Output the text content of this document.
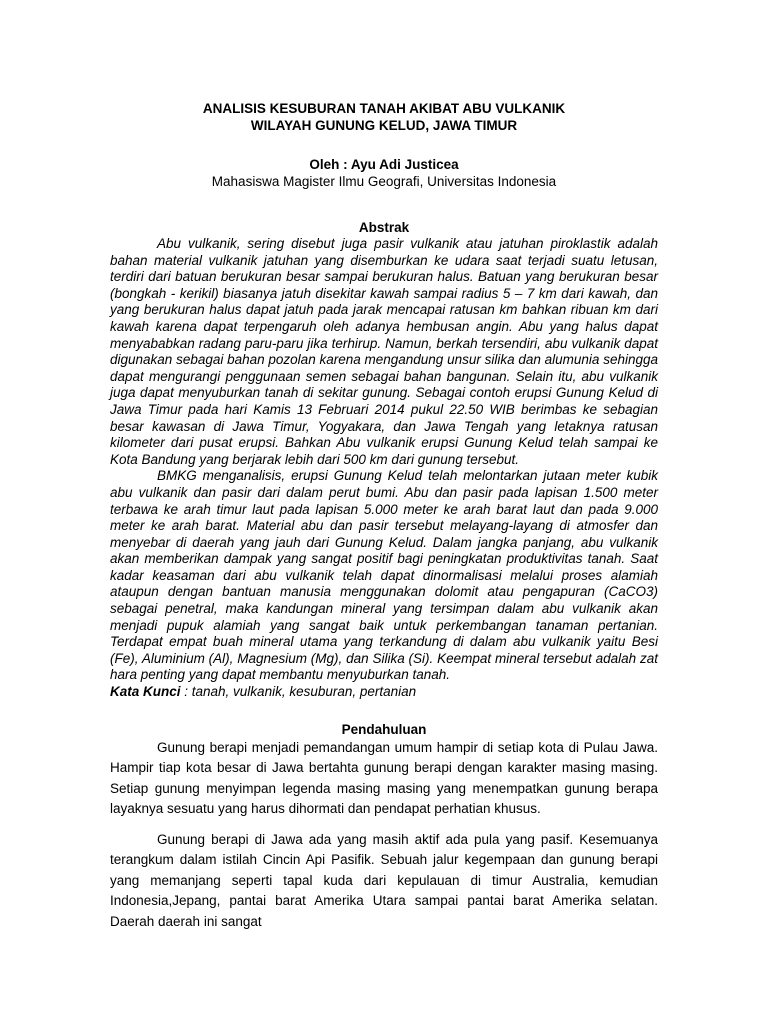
ANALISIS KESUBURAN TANAH AKIBAT ABU VULKANIK
WILAYAH GUNUNG KELUD, JAWA TIMUR
Oleh : Ayu Adi Justicea
Mahasiswa Magister Ilmu Geografi, Universitas Indonesia
Abstrak

Abu vulkanik, sering disebut juga pasir vulkanik atau jatuhan piroklastik adalah bahan material vulkanik jatuhan yang disemburkan ke udara saat terjadi suatu letusan, terdiri dari batuan berukuran besar sampai berukuran halus. Batuan yang berukuran besar (bongkah - kerikil) biasanya jatuh disekitar kawah sampai radius 5 – 7 km dari kawah, dan yang berukuran halus dapat jatuh pada jarak mencapai ratusan km bahkan ribuan km dari kawah karena dapat terpengaruh oleh adanya hembusan angin. Abu yang halus dapat menyababkan radang paru-paru jika terhirup. Namun, berkah tersendiri, abu vulkanik dapat digunakan sebagai bahan pozolan karena mengandung unsur silika dan alumunia sehingga dapat mengurangi penggunaan semen sebagai bahan bangunan. Selain itu, abu vulkanik juga dapat menyuburkan tanah di sekitar gunung. Sebagai contoh erupsi Gunung Kelud di Jawa Timur pada hari Kamis 13 Februari 2014 pukul 22.50 WIB berimbas ke sebagian besar kawasan di Jawa Timur, Yogyakara, dan Jawa Tengah yang letaknya ratusan kilometer dari pusat erupsi. Bahkan Abu vulkanik erupsi Gunung Kelud telah sampai ke Kota Bandung yang berjarak lebih dari 500 km dari gunung tersebut.

BMKG menganalisis, erupsi Gunung Kelud telah melontarkan jutaan meter kubik abu vulkanik dan pasir dari dalam perut bumi. Abu dan pasir pada lapisan 1.500 meter terbawa ke arah timur laut pada lapisan 5.000 meter ke arah barat laut dan pada 9.000 meter ke arah barat. Material abu dan pasir tersebut melayang-layang di atmosfer dan menyebar di daerah yang jauh dari Gunung Kelud. Dalam jangka panjang, abu vulkanik akan memberikan dampak yang sangat positif bagi peningkatan produktivitas tanah. Saat kadar keasaman dari abu vulkanik telah dapat dinormalisasi melalui proses alamiah ataupun dengan bantuan manusia menggunakan dolomit atau pengapuran (CaCO3) sebagai penetral, maka kandungan mineral yang tersimpan dalam abu vulkanik akan menjadi pupuk alamiah yang sangat baik untuk perkembangan tanaman pertanian. Terdapat empat buah mineral utama yang terkandung di dalam abu vulkanik yaitu Besi (Fe), Aluminium (Al), Magnesium (Mg), dan Silika (Si). Keempat mineral tersebut adalah zat hara penting yang dapat membantu menyuburkan tanah.

Kata Kunci : tanah, vulkanik, kesuburan, pertanian
Pendahuluan

Gunung berapi menjadi pemandangan umum hampir di setiap kota di Pulau Jawa. Hampir tiap kota besar di Jawa bertahta gunung berapi dengan karakter masing masing. Setiap gunung menyimpan legenda masing masing yang menempatkan gunung berapa layaknya sesuatu yang harus dihormati dan pendapat perhatian khusus.

Gunung berapi di Jawa ada yang masih aktif ada pula yang pasif. Kesemuanya terangkum dalam istilah Cincin Api Pasifik. Sebuah jalur kegempaan dan gunung berapi yang memanjang seperti tapal kuda dari kepulauan di timur Australia, kemudian Indonesia,Jepang, pantai barat Amerika Utara sampai pantai barat Amerika selatan. Daerah daerah ini sangat
